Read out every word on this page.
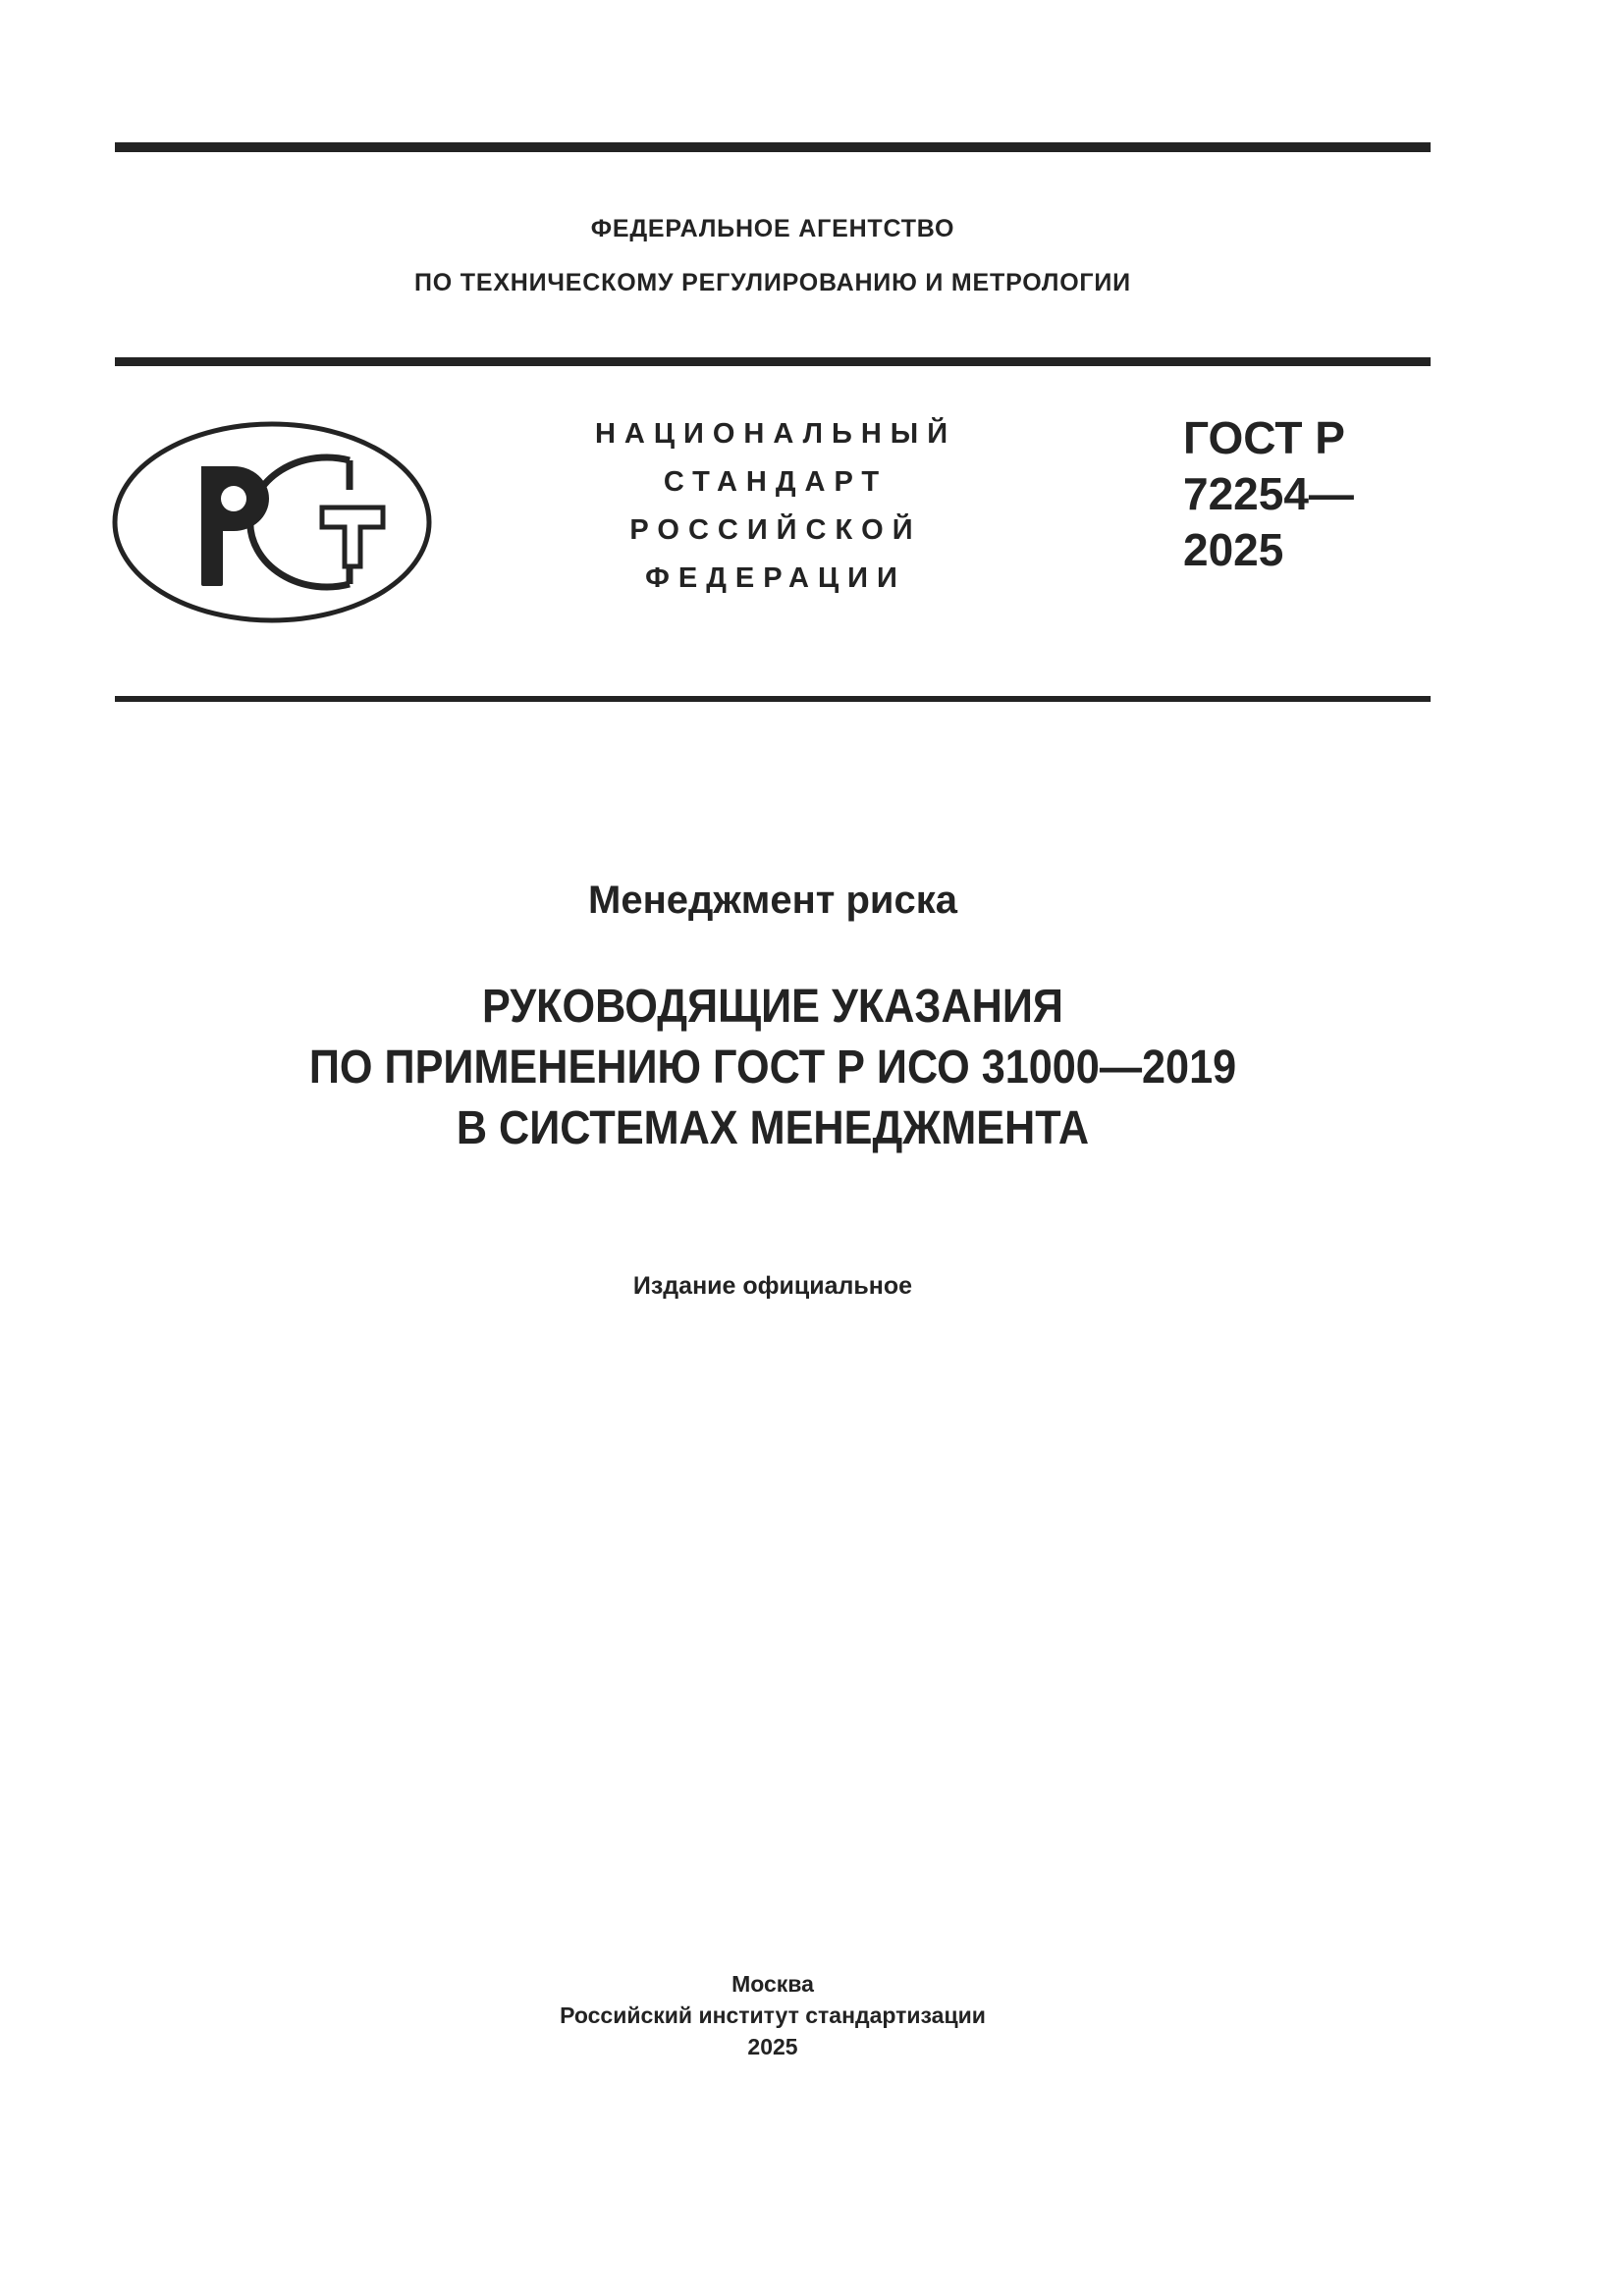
ФЕДЕРАЛЬНОЕ АГЕНТСТВО
ПО ТЕХНИЧЕСКОМУ РЕГУЛИРОВАНИЮ И МЕТРОЛОГИИ
НАЦИОНАЛЬНЫЙ
СТАНДАРТ
РОССИЙСКОЙ
ФЕДЕРАЦИИ
ГОСТ Р
72254—
2025
Менеджмент риска
РУКОВОДЯЩИЕ УКАЗАНИЯ
ПО ПРИМЕНЕНИЮ ГОСТ Р ИСО 31000—2019
В СИСТЕМАХ МЕНЕДЖМЕНТА
Издание официальное
Москва
Российский институт стандартизации
2025
